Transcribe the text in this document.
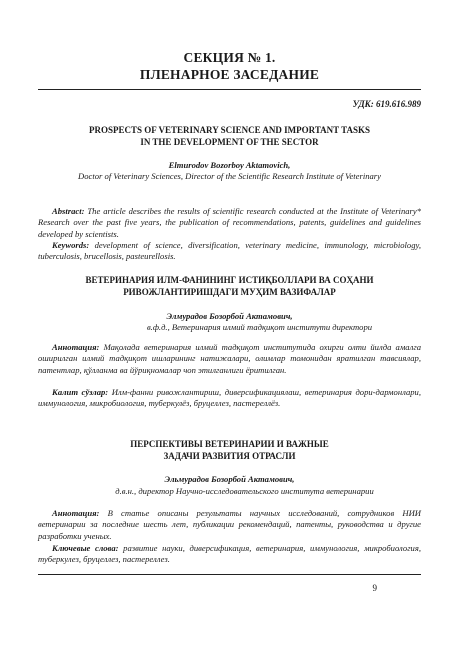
СЕКЦИЯ № 1.
ПЛЕНАРНОЕ ЗАСЕДАНИЕ
УДК: 619.616.989
PROSPECTS OF VETERINARY SCIENCE AND IMPORTANT TASKS
IN THE DEVELOPMENT OF THE SECTOR
Elmurodov Bozorboy Aktamovich,
Doctor of Veterinary Sciences, Director of the Scientific Research Institute of Veterinary
Abstract: The article describes the results of scientific research conducted at the Institute of Veterinary* Research over the past five years, the publication of recommendations, patents, guidelines and guidelines developed by scientists.
Keywords: development of science, diversification, veterinary medicine, immunology, microbiology, tuberculosis, brucellosis, pasteurellosis.
ВЕТЕРИНАРИЯ ИЛМ-ФАНИНИНГ ИСТИҚБОЛЛАРИ ВА СОҲАНИ
РИВОЖЛАНТИРИШДАГИ МУҲИМ ВАЗИФАЛАР
Элмурадов Бозорбой Актамович,
в.ф.д., Ветеринария илмий тадқиқот институти директори
Аннотация: Мақолада ветеринария илмий тадқиқот институтида охирги олти йилда амалга оширилган илмий тадқиқот ишларининг натижалари, олимлар томонидан яратилган тавсиялар, патентлар, қўлланма ва йўриқномалар чоп этилганлиги ёритилган.
Калит сўзлар: Илм-фанни ривожлантириш, диверсификациялаш, ветеринария дори-дармонлари, иммунология, микробиология, туберкулёз, бруцеллез, пастереллёз.
ПЕРСПЕКТИВЫ ВЕТЕРИНАРИИ И ВАЖНЫЕ
ЗАДАЧИ РАЗВИТИЯ ОТРАСЛИ
Эльмурадов Бозорбой Актамович,
д.в.н., директор Научно-исследовательского института ветеринарии
Аннотация: В статье описаны результаты научных исследований, сотрудников НИИ ветеринарии за последние шесть лет, публикации рекомендаций, патенты, руководства и другие разработки ученых.
Ключевые слова: развитие науки, диверсификация, ветеринария, иммунология, микробиология, туберкулез, бруцеллез, пастереллез.
9
